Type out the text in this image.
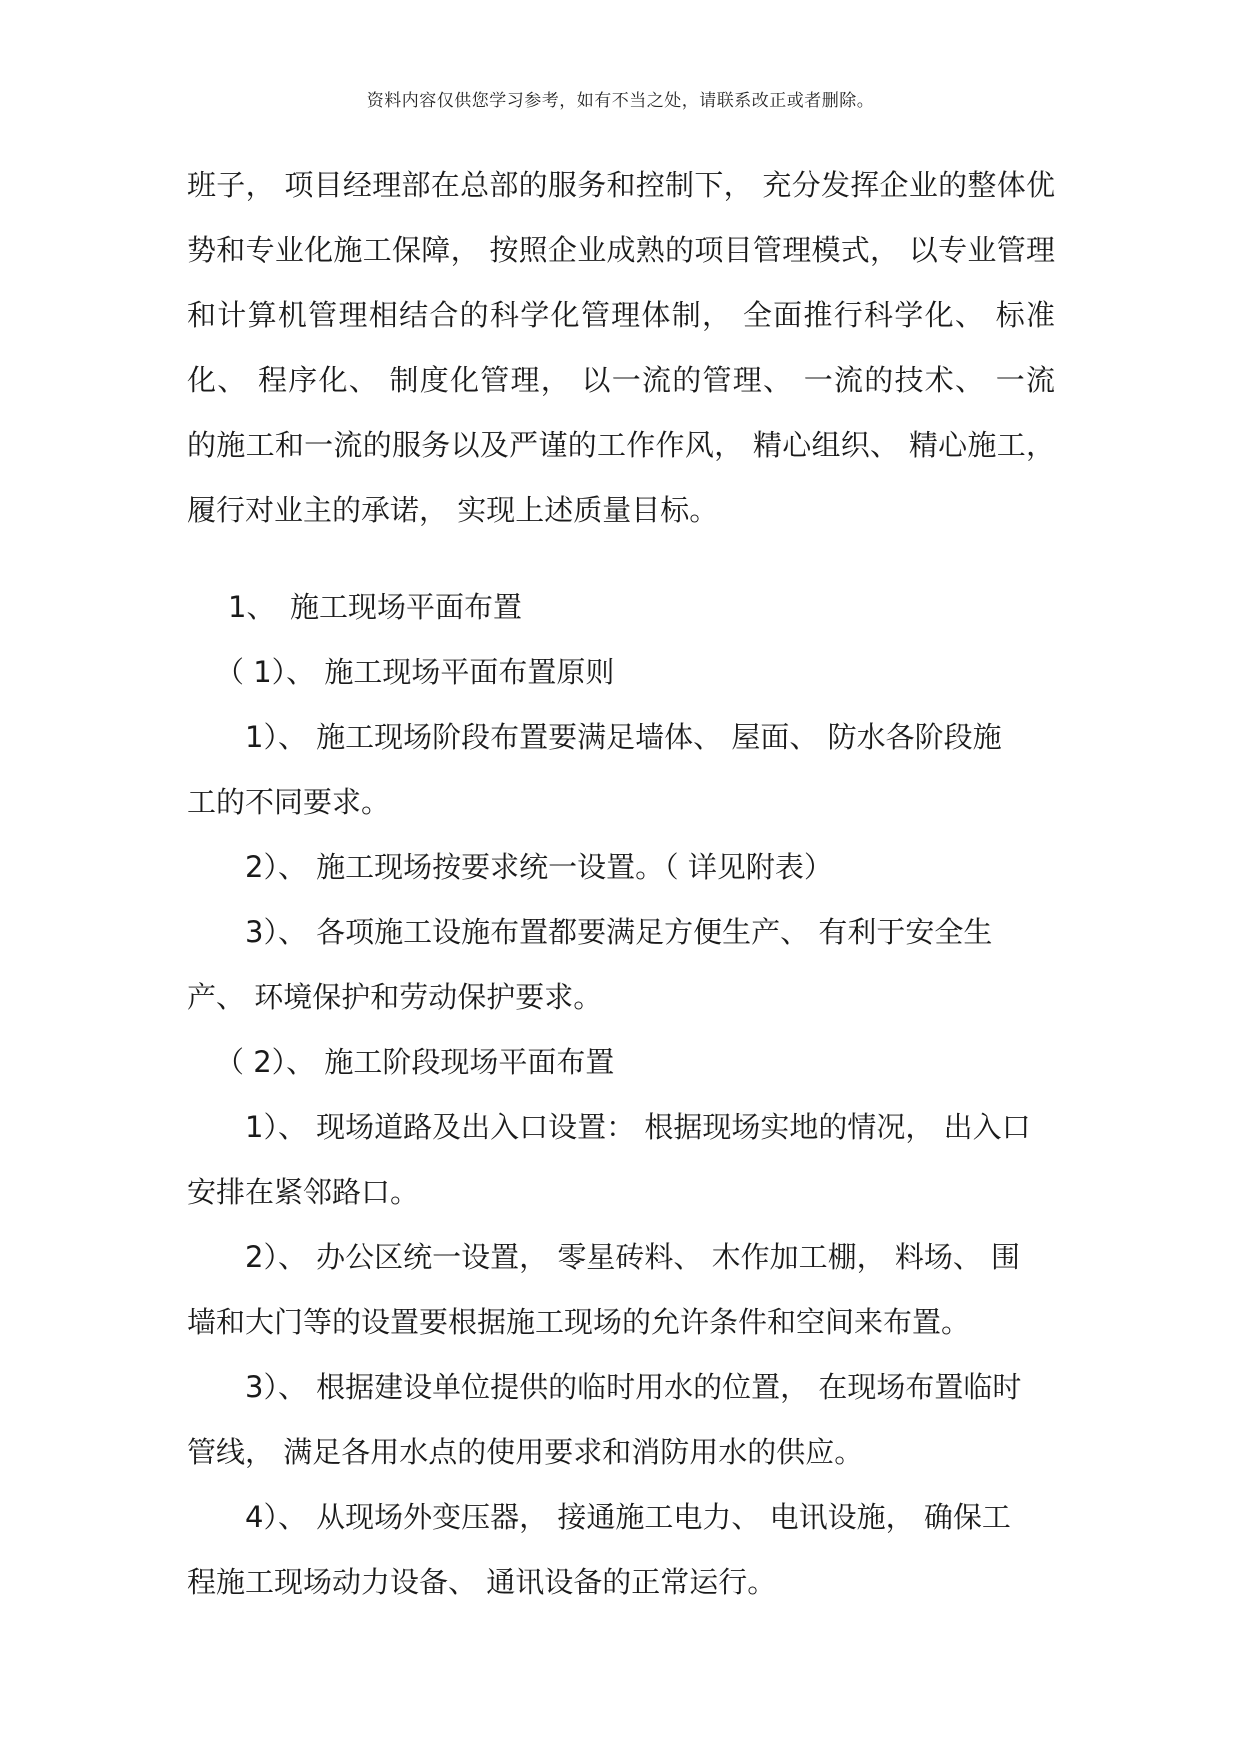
资料内容仅供您学习参考，如有不当之处，请联系改正或者删除。
班子， 项目经理部在总部的服务和控制下， 充分发挥企业的整体优
势和专业化施工保障， 按照企业成熟的项目管理模式， 以专业管理
和计算机管理相结合的科学化管理体制， 全面推行科学化、 标准
化、 程序化、 制度化管理， 以一流的管理、 一流的技术、 一流
的施工和一流的服务以及严谨的工作作风， 精心组织、 精心施工，
履行对业主的承诺， 实现上述质量目标。
1、　施工现场平面布置
（ 1）、 施工现场平面布置原则
1）、 施工现场阶段布置要满足墙体、 屋面、 防水各阶段施
工的不同要求。
2）、 施工现场按要求统一设置。（ 详见附表）
3）、 各项施工设施布置都要满足方便生产、 有利于安全生
产、 环境保护和劳动保护要求。
（ 2）、 施工阶段现场平面布置
1）、 现场道路及出入口设置： 根据现场实地的情况， 出入口
安排在紧邻路口。
2）、 办公区统一设置， 零星砖料、 木作加工棚， 料场、 围
墙和大门等的设置要根据施工现场的允许条件和空间来布置。
3）、 根据建设单位提供的临时用水的位置， 在现场布置临时
管线， 满足各用水点的使用要求和消防用水的供应。
4）、 从现场外变压器， 接通施工电力、 电讯设施， 确保工
程施工现场动力设备、 通讯设备的正常运行。
